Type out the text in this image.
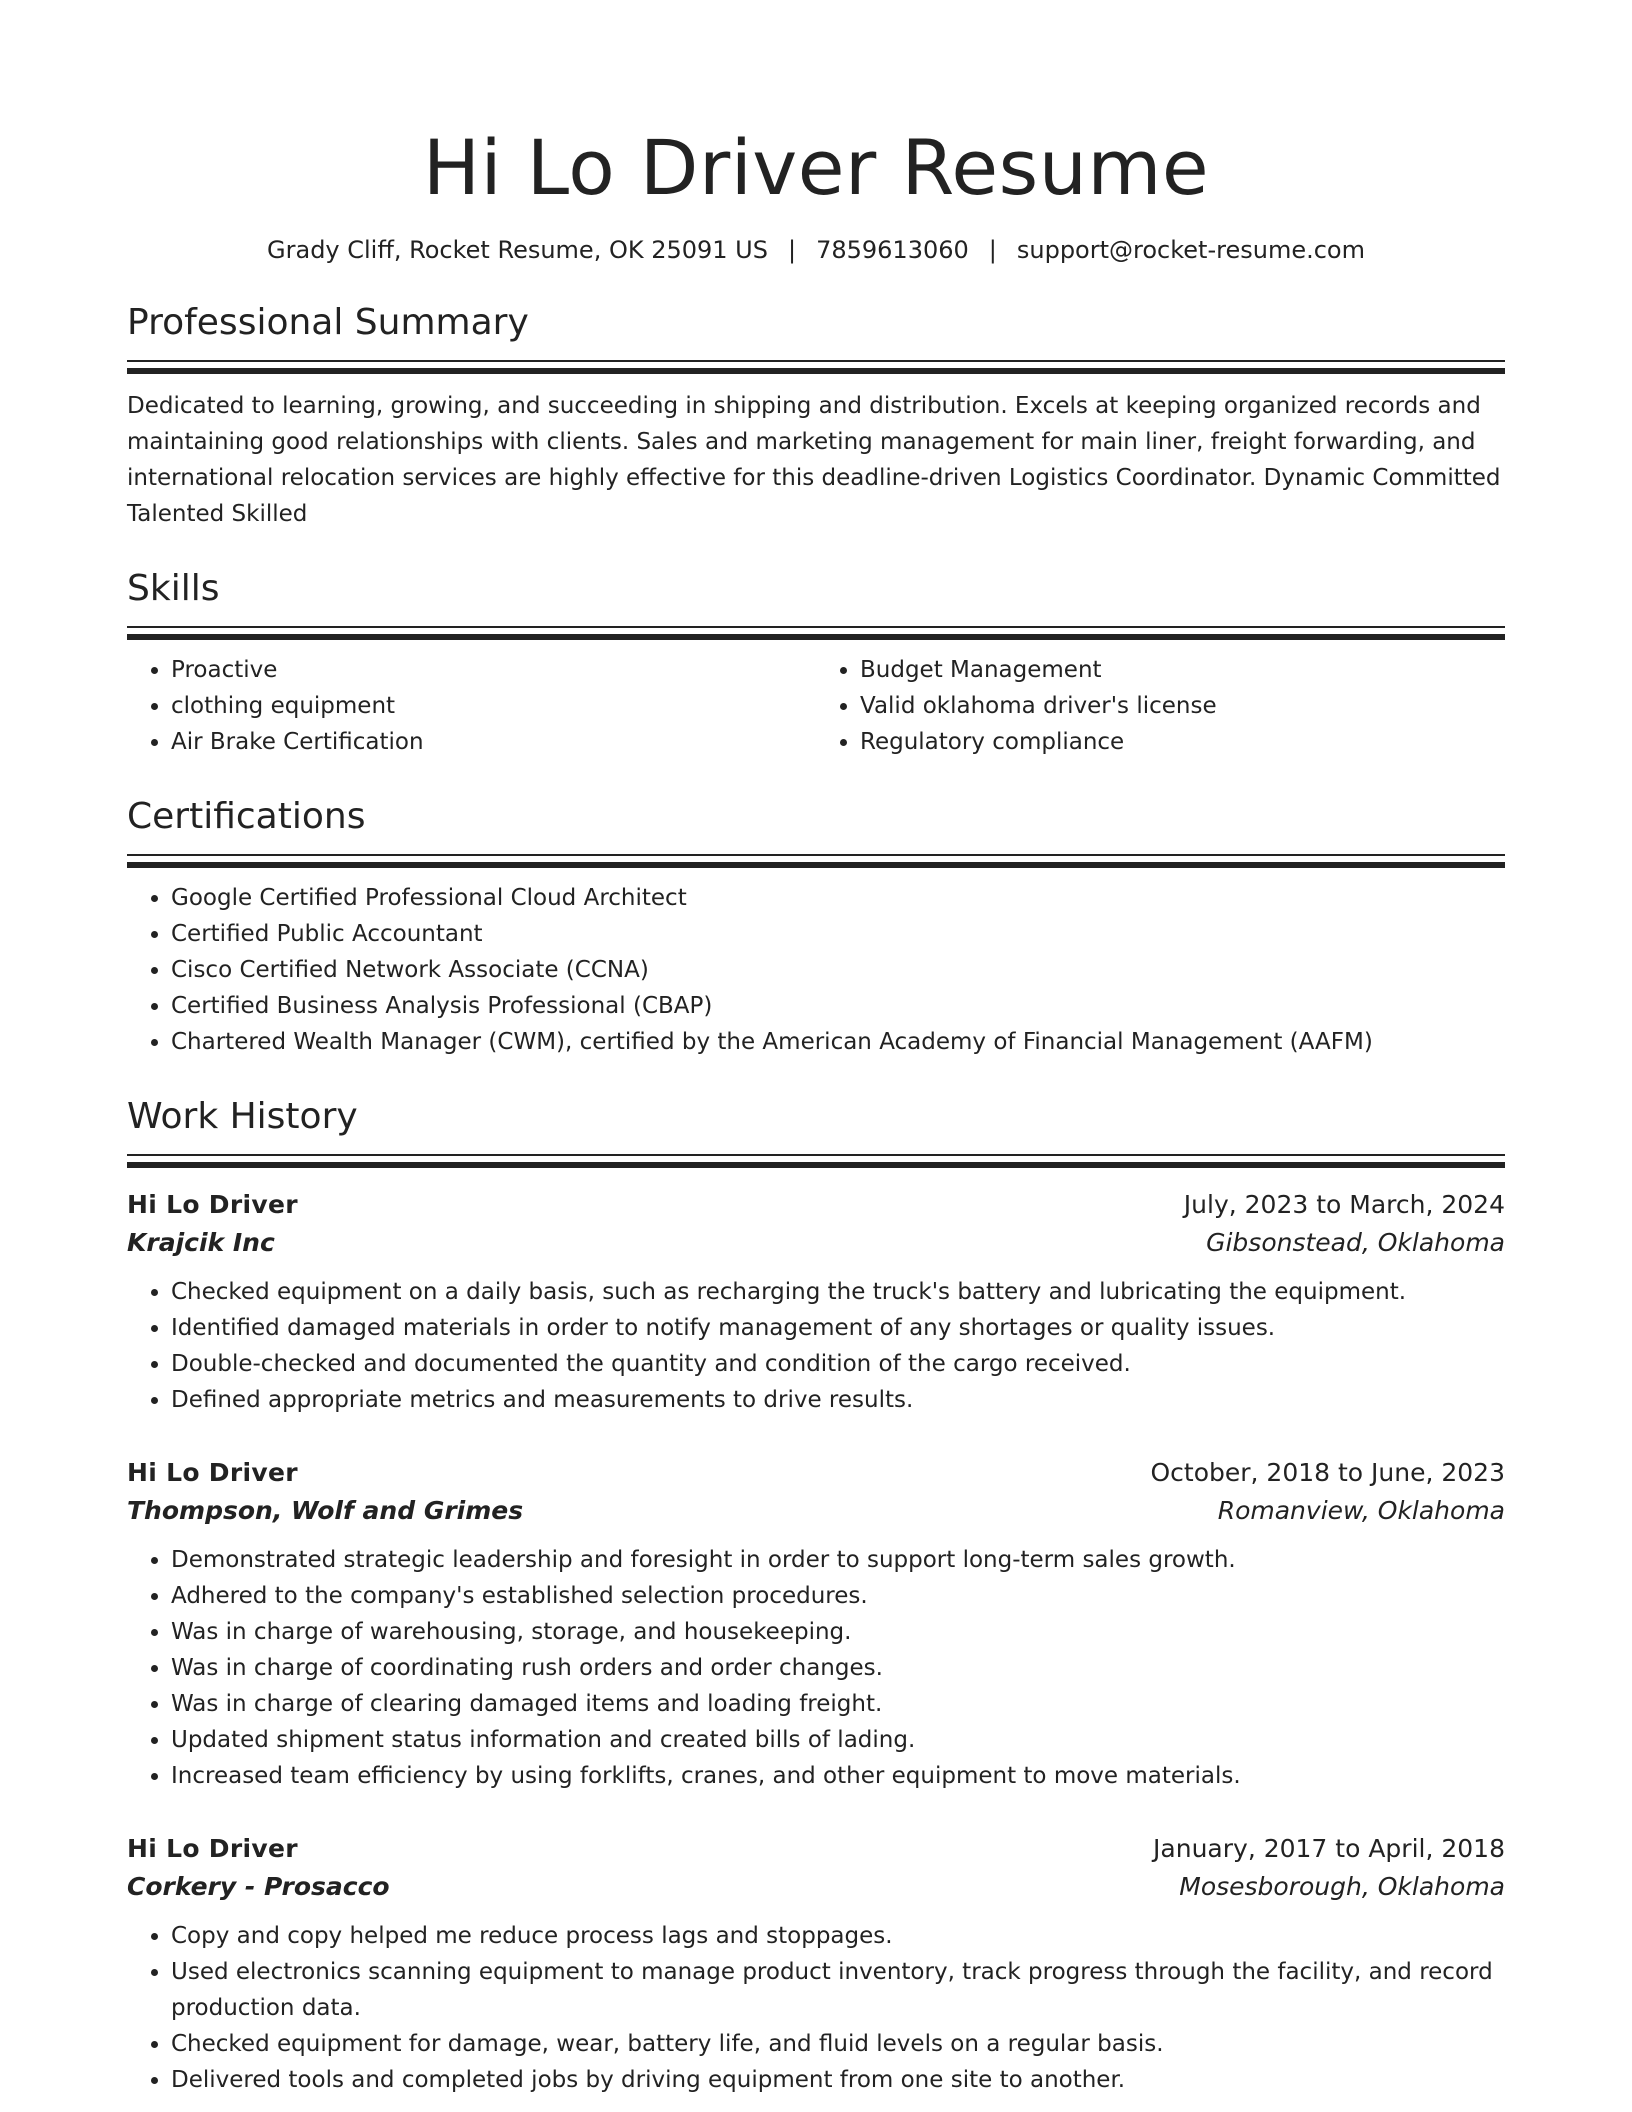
Hi Lo Driver Resume
Grady Cliff, Rocket Resume, OK 25091 US | 7859613060 | support@rocket-resume.com
Professional Summary
Dedicated to learning, growing, and succeeding in shipping and distribution. Excels at keeping organized records and maintaining good relationships with clients. Sales and marketing management for main liner, freight forwarding, and international relocation services are highly effective for this deadline-driven Logistics Coordinator. Dynamic Committed Talented Skilled
Skills
• Proactive
• clothing equipment
• Air Brake Certification
• Budget Management
• Valid oklahoma driver's license
• Regulatory compliance
Certifications
• Google Certified Professional Cloud Architect
• Certified Public Accountant
• Cisco Certified Network Associate (CCNA)
• Certified Business Analysis Professional (CBAP)
• Chartered Wealth Manager (CWM), certified by the American Academy of Financial Management (AAFM)
Work History
Hi Lo Driver	July, 2023 to March, 2024
Krajcik Inc	Gibsonstead, Oklahoma
• Checked equipment on a daily basis, such as recharging the truck's battery and lubricating the equipment.
• Identified damaged materials in order to notify management of any shortages or quality issues.
• Double-checked and documented the quantity and condition of the cargo received.
• Defined appropriate metrics and measurements to drive results.
Hi Lo Driver	October, 2018 to June, 2023
Thompson, Wolf and Grimes	Romanview, Oklahoma
• Demonstrated strategic leadership and foresight in order to support long-term sales growth.
• Adhered to the company's established selection procedures.
• Was in charge of warehousing, storage, and housekeeping.
• Was in charge of coordinating rush orders and order changes.
• Was in charge of clearing damaged items and loading freight.
• Updated shipment status information and created bills of lading.
• Increased team efficiency by using forklifts, cranes, and other equipment to move materials.
Hi Lo Driver	January, 2017 to April, 2018
Corkery - Prosacco	Mosesborough, Oklahoma
• Copy and copy helped me reduce process lags and stoppages.
• Used electronics scanning equipment to manage product inventory, track progress through the facility, and record production data.
• Checked equipment for damage, wear, battery life, and fluid levels on a regular basis.
• Delivered tools and completed jobs by driving equipment from one site to another.
